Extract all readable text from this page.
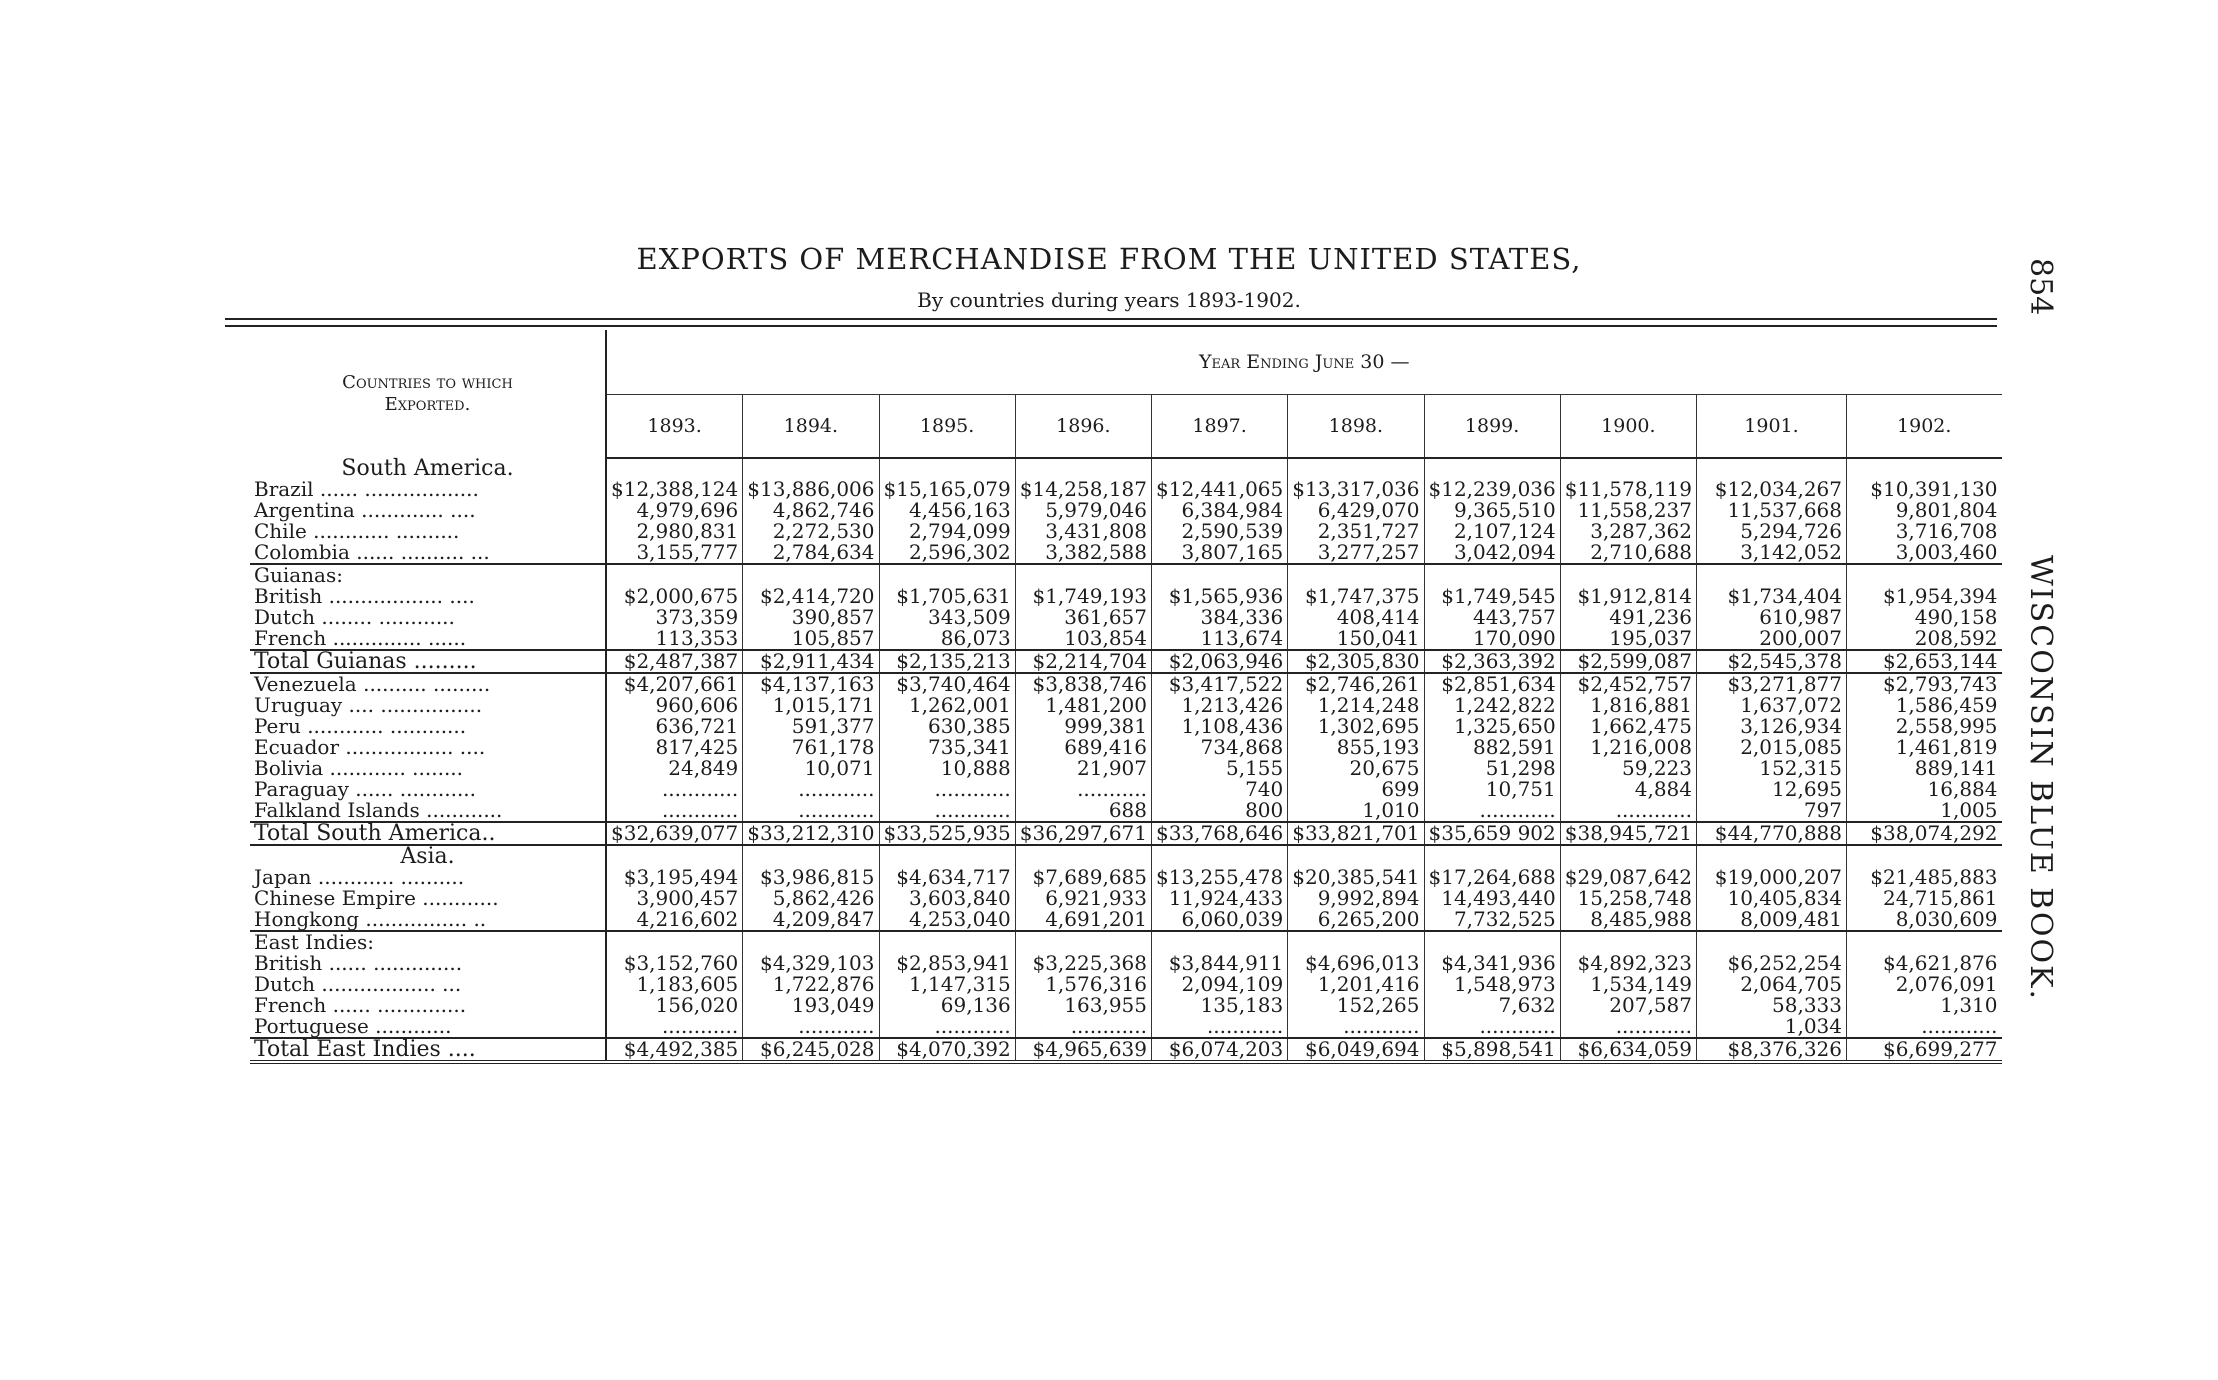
EXPORTS OF MERCHANDISE FROM THE UNITED STATES,
By countries during years 1893-1902.	854
WISCONSIN BLUE BOOK.
Countries to which
Exported.	Year Ending June 30 —									
	1893.	1894.	1895.	1896.	1897.	1898.	1899.	1900.	1901.	1902.
South America.										
Brazil ...... ..................	$12,388,124	$13,886,006	$15,165,079	$14,258,187	$12,441,065	$13,317,036	$12,239,036	$11,578,119	$12,034,267	$10,391,130
Argentina ............. ....	4,979,696	4,862,746	4,456,163	5,979,046	6,384,984	6,429,070	9,365,510	11,558,237	11,537,668	9,801,804
Chile ............ ..........	2,980,831	2,272,530	2,794,099	3,431,808	2,590,539	2,351,727	2,107,124	3,287,362	5,294,726	3,716,708
Colombia ...... .......... ...	3,155,777	2,784,634	2,596,302	3,382,588	3,807,165	3,277,257	3,042,094	2,710,688	3,142,052	3,003,460
Guianas:										
British .................. ....	$2,000,675	$2,414,720	$1,705,631	$1,749,193	$1,565,936	$1,747,375	$1,749,545	$1,912,814	$1,734,404	$1,954,394
Dutch ........ ............	373,359	390,857	343,509	361,657	384,336	408,414	443,757	491,236	610,987	490,158
French .............. ......	113,353	105,857	86,073	103,854	113,674	150,041	170,090	195,037	200,007	208,592
Total Guianas .........	$2,487,387	$2,911,434	$2,135,213	$2,214,704	$2,063,946	$2,305,830	$2,363,392	$2,599,087	$2,545,378	$2,653,144
Venezuela .......... .........	$4,207,661	$4,137,163	$3,740,464	$3,838,746	$3,417,522	$2,746,261	$2,851,634	$2,452,757	$3,271,877	$2,793,743
Uruguay .... ................	960,606	1,015,171	1,262,001	1,481,200	1,213,426	1,214,248	1,242,822	1,816,881	1,637,072	1,586,459
Peru ............ ............	636,721	591,377	630,385	999,381	1,108,436	1,302,695	1,325,650	1,662,475	3,126,934	2,558,995
Ecuador ................. ....	817,425	761,178	735,341	689,416	734,868	855,193	882,591	1,216,008	2,015,085	1,461,819
Bolivia ............ ........	24,849	10,071	10,888	21,907	5,155	20,675	51,298	59,223	152,315	889,141
Paraguay ...... ............	............	............	............	...........	740	699	10,751	4,884	12,695	16,884
Falkland Islands ............	............	............	............	688	800	1,010	............	............	797	1,005
Total South America..	$32,639,077	$33,212,310	$33,525,935	$36,297,671	$33,768,646	$33,821,701	$35,659 902	$38,945,721	$44,770,888	$38,074,292
Asia.										
Japan ............ ..........	$3,195,494	$3,986,815	$4,634,717	$7,689,685	$13,255,478	$20,385,541	$17,264,688	$29,087,642	$19,000,207	$21,485,883
Chinese Empire ............	3,900,457	5,862,426	3,603,840	6,921,933	11,924,433	9,992,894	14,493,440	15,258,748	10,405,834	24,715,861
Hongkong ................ ..	4,216,602	4,209,847	4,253,040	4,691,201	6,060,039	6,265,200	7,732,525	8,485,988	8,009,481	8,030,609
East Indies:										
British ...... ..............	$3,152,760	$4,329,103	$2,853,941	$3,225,368	$3,844,911	$4,696,013	$4,341,936	$4,892,323	$6,252,254	$4,621,876
Dutch .................. ...	1,183,605	1,722,876	1,147,315	1,576,316	2,094,109	1,201,416	1,548,973	1,534,149	2,064,705	2,076,091
French ...... ..............	156,020	193,049	69,136	163,955	135,183	152,265	7,632	207,587	58,333	1,310
Portuguese ............	............	............	............	............	............	............	............	............	1,034	............
Total East Indies ....	$4,492,385	$6,245,028	$4,070,392	$4,965,639	$6,074,203	$6,049,694	$5,898,541	$6,634,059	$8,376,326	$6,699,277
